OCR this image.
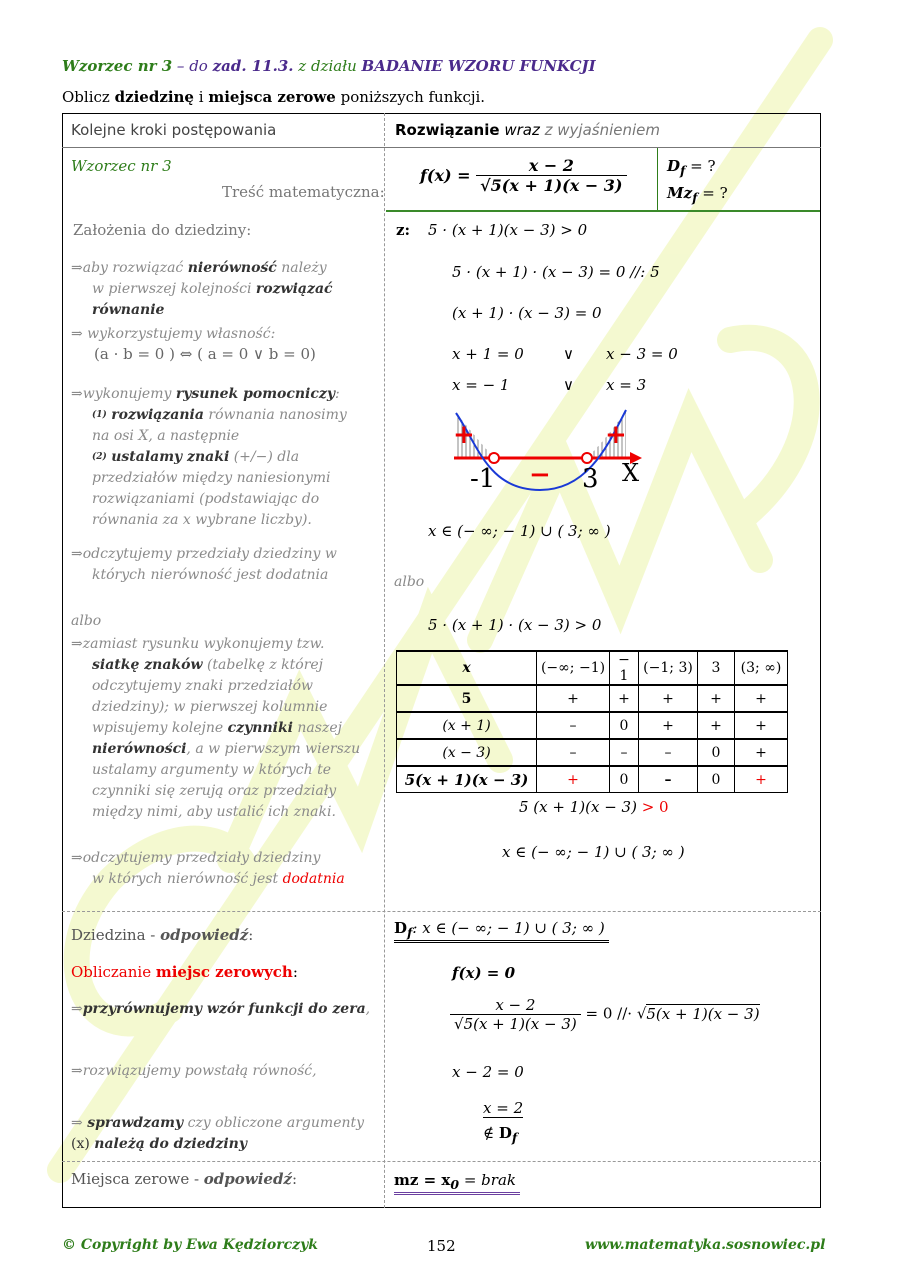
Wzorzec nr 3 – do zad. 11.3. z działu BADANIE WZORU FUNKCJI
Oblicz dziedzinę i miejsca zerowe poniższych funkcji.
Kolejne kroki postępowania	Rozwiązanie wraz z wyjaśnieniem
Wzorzec nr 3
Treść matematyczna:
Założenia do dziedziny:
⇒aby rozwiązać nierówność należy
w pierwszej kolejności rozwiązać
równanie
⇒ wykorzystujemy własność:
(a · b = 0 ) ⇔ ( a = 0 ∨ b = 0)
⇒wykonujemy rysunek pomocniczy:
$^{(1)}$ rozwiązania równania nanosimy
na osi X, a następnie
$^{(2)}$ ustalamy znaki (+/−) dla
przedziałów między naniesionymi
rozwiązaniami (podstawiając do
równania za x wybrane liczby).
⇒odczytujemy przedziały dziedziny w
których nierówność jest dodatnia
albo
⇒zamiast rysunku wykonujemy tzw.
siatkę znaków (tabelkę z której
odczytujemy znaki przedziałów
dziedziny); w pierwszej kolumnie
wpisujemy kolejne czynniki naszej
nierówności, a w pierwszym wierszu
ustalamy argumenty w których te
czynniki się zerują oraz przedziały
między nimi, aby ustalić ich znaki.
⇒odczytujemy przedziały dziedziny
w których nierówność jest dodatnia
Dziedzina - odpowiedź:
Obliczanie miejsc zerowych:
⇒przyrównujemy wzór funkcji do zera,
⇒rozwiązujemy powstałą równość,
⇒ sprawdzamy czy obliczone argumenty
(x) należą do dziedziny
Miejsca zerowe - odpowiedź:
$f(x) = \frac{x - 2}{√5(x + 1)(x - 3)}$	$D_f$ = ?
$Mz_f$ = ?
z: 5 · (x + 1)(x − 3) > 0
5 · (x + 1) · (x − 3) = 0 //: 5
(x + 1) · (x − 3) = 0
x + 1 = 0	∨ x − 3 = 0
x = − 1	∨ x = 3
+	+
−
-1	3 X
x ∈ (− ∞; − 1) ∪ ( 3; ∞ )
albo
5 · (x + 1) · (x − 3) > 0
x	(−∞; −1)	− 1	(−1; 3)	3	(3; ∞)
5	+	+	+	+	+
(x + 1)	–	0	+	+	+
(x − 3)	–	–	–	0	+
5(x + 1)(x − 3)	+	0	–	0	+
5 (x + 1)(x − 3) > 0
x ∈ (− ∞; − 1) ∪ ( 3; ∞ )
$D_f$: x ∈ (− ∞; − 1) ∪ ( 3; ∞ )
f(x) = 0
$\frac{x - 2}{√5(x + 1)(x - 3)} = 0$ //· √5(x + 1)(x − 3)
x − 2 = 0
x = 2
∉ $D_f$
mz = $x_0$ = brak
© Copyright by Ewa Kędziorczyk	152	www.matematyka.sosnowiec.pl
